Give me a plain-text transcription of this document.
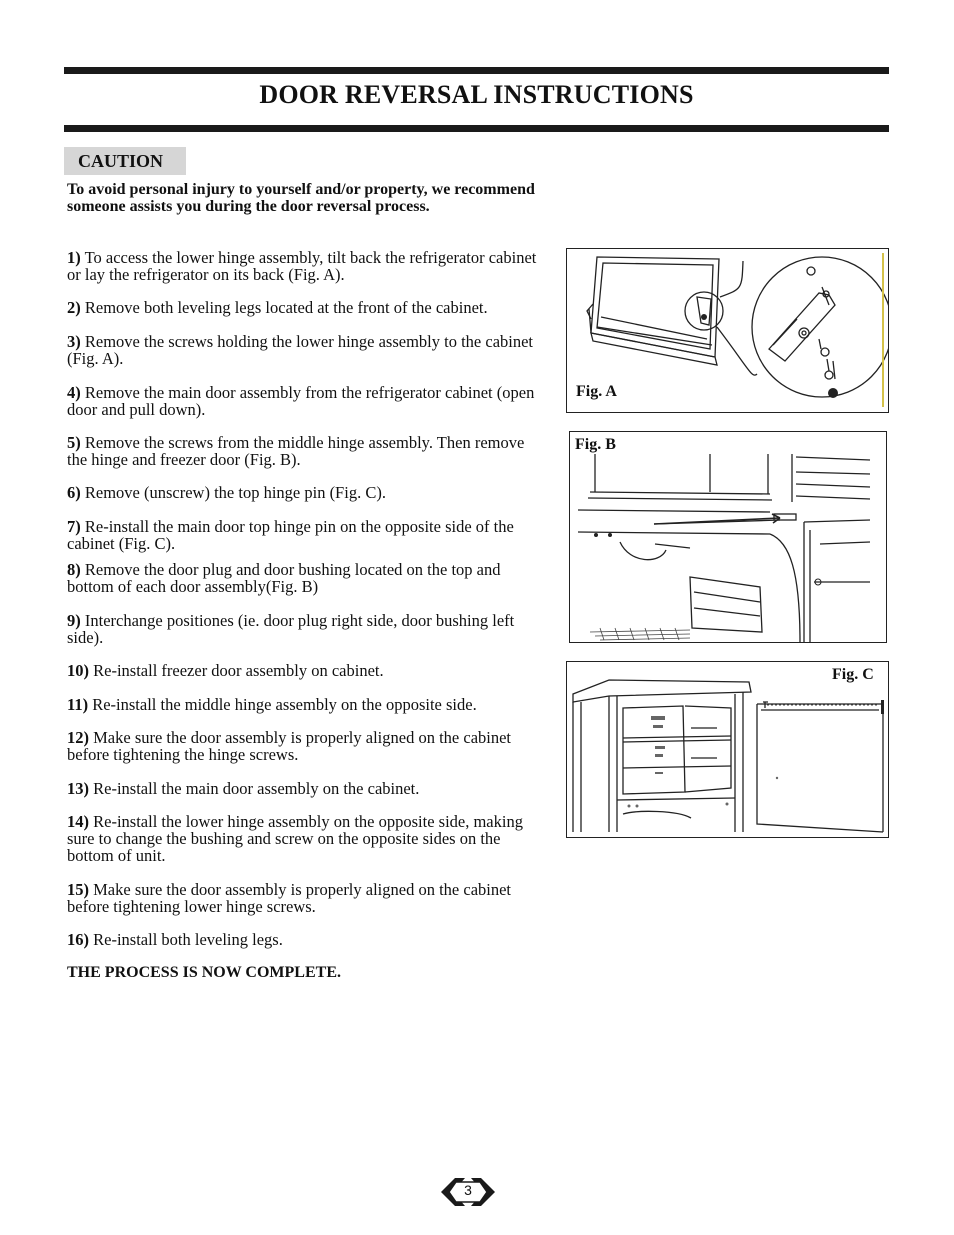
DOOR REVERSAL INSTRUCTIONS
CAUTION
To avoid personal injury to yourself and/or property, we recommend someone assists you during the door reversal process.
1) To access the lower hinge assembly, tilt back the refrigerator cabinet or lay the refrigerator on its back (Fig. A).
2) Remove both leveling legs located at the front of the cabinet.
3) Remove the screws holding the lower hinge assembly to the cabinet (Fig. A).
4) Remove the main door assembly from the refrigerator cabinet (open door and pull down).
5) Remove the screws from the middle hinge assembly. Then remove the hinge and freezer door (Fig. B).
6) Remove (unscrew) the top hinge pin (Fig. C).
7) Re-install the main door top hinge pin on the opposite side of the cabinet (Fig. C).
8) Remove the door plug and door bushing located on the top and bottom of each door assembly(Fig. B)
9) Interchange positiones (ie. door plug right side, door bushing left side).
10) Re-install freezer door assembly on cabinet.
11) Re-install the middle hinge assembly on the opposite side.
12) Make sure the door assembly is properly aligned on the cabinet before tightening the hinge screws.
13) Re-install the main door assembly on the cabinet.
14) Re-install the lower hinge assembly on the opposite side, making sure to change the bushing and screw on the opposite sides on the bottom of unit.
15) Make sure the door assembly is properly aligned on the cabinet before tightening lower hinge screws.
16) Re-install both leveling legs.
THE PROCESS IS NOW COMPLETE.
Fig. A
Fig. B
Fig. C
3
